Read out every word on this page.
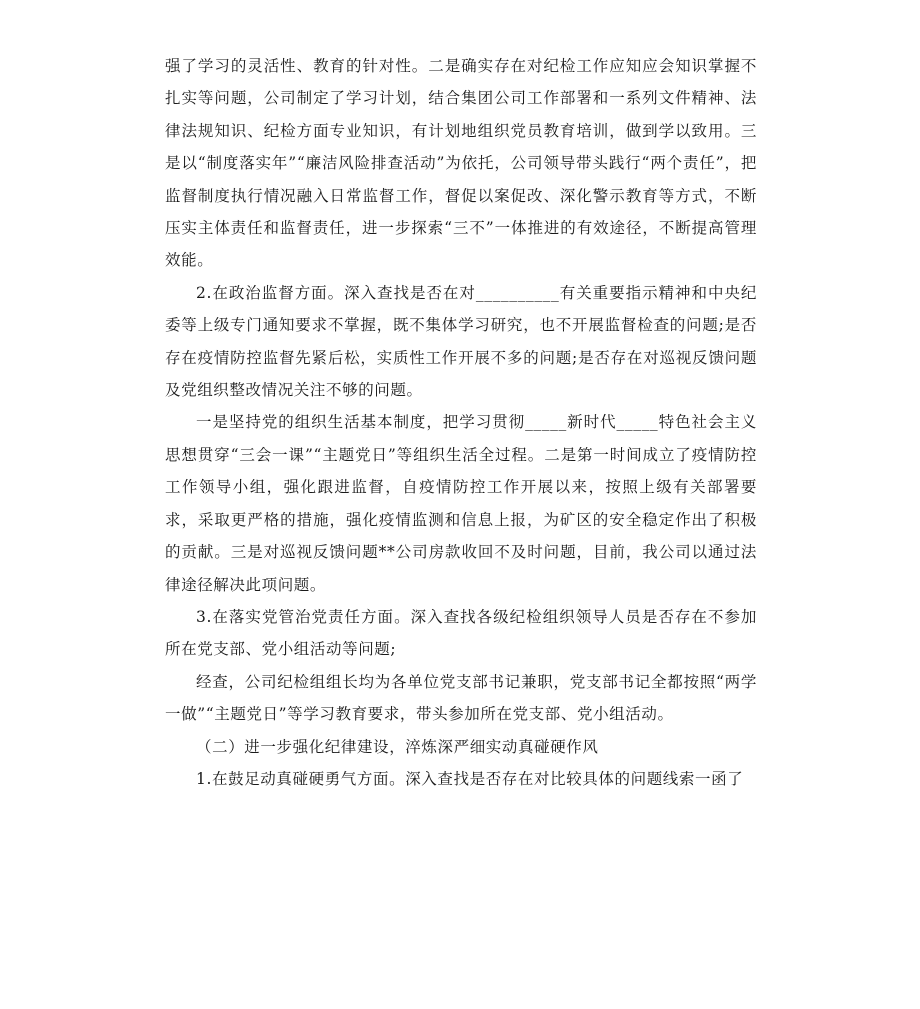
强了学习的灵活性、教育的针对性。二是确实存在对纪检工作应知应会知识掌握不扎实等问题，公司制定了学习计划，结合集团公司工作部署和一系列文件精神、法律法规知识、纪检方面专业知识，有计划地组织党员教育培训，做到学以致用。三是以“制度落实年”“廉洁风险排查活动”为依托，公司领导带头践行“两个责任”，把监督制度执行情况融入日常监督工作，督促以案促改、深化警示教育等方式，不断压实主体责任和监督责任，进一步探索“三不”一体推进的有效途径，不断提高管理效能。

2.在政治监督方面。深入查找是否在对__________有关重要指示精神和中央纪委等上级专门通知要求不掌握，既不集体学习研究，也不开展监督检查的问题;是否存在疫情防控监督先紧后松，实质性工作开展不多的问题;是否存在对巡视反馈问题及党组织整改情况关注不够的问题。

一是坚持党的组织生活基本制度，把学习贯彻_____新时代_____特色社会主义思想贯穿“三会一课”“主题党日”等组织生活全过程。二是第一时间成立了疫情防控工作领导小组，强化跟进监督，自疫情防控工作开展以来，按照上级有关部署要求，采取更严格的措施，强化疫情监测和信息上报，为矿区的安全稳定作出了积极的贡献。三是对巡视反馈问题**公司房款收回不及时问题，目前，我公司以通过法律途径解决此项问题。

3.在落实党管治党责任方面。深入查找各级纪检组织领导人员是否存在不参加所在党支部、党小组活动等问题;

经查，公司纪检组组长均为各单位党支部书记兼职，党支部书记全都按照“两学一做”“主题党日”等学习教育要求，带头参加所在党支部、党小组活动。

（二）进一步强化纪律建设，淬炼深严细实动真碰硬作风

1.在鼓足动真碰硬勇气方面。深入查找是否存在对比较具体的问题线索一函了
